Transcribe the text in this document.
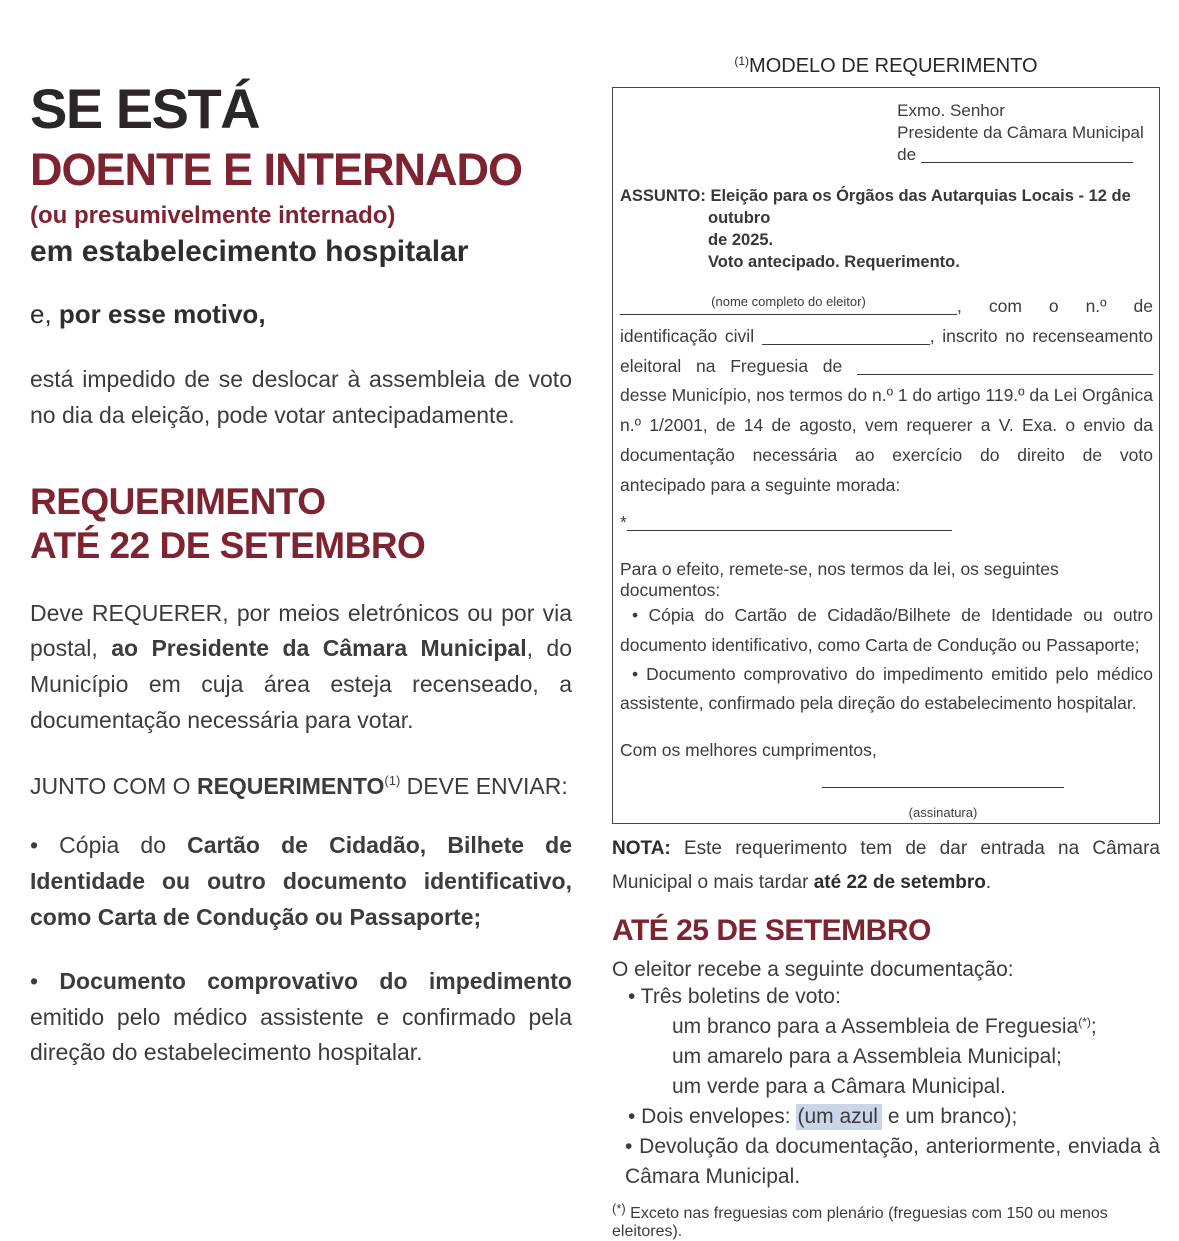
SE ESTÁ
DOENTE E INTERNADO
(ou presumivelmente internado)
em estabelecimento hospitalar

e, por esse motivo,

está impedido de se deslocar à assembleia de voto no dia da eleição, pode votar antecipadamente.

REQUERIMENTO
ATÉ 22 DE SETEMBRO

Deve REQUERER, por meios eletrónicos ou por via postal, ao Presidente da Câmara Municipal, do Município em cuja área esteja recenseado, a documentação necessária para votar.

JUNTO COM O REQUERIMENTO$^{(1)}$ DEVE ENVIAR:

• Cópia do Cartão de Cidadão, Bilhete de Identidade ou outro documento identificativo, como Carta de Condução ou Passaporte;

• Documento comprovativo do impedimento emitido pelo médico assistente e confirmado pela direção do estabelecimento hospitalar.

$^{(1)}$MODELO DE REQUERIMENTO
Exmo. Senhor
Presidente da Câmara Municipal
de
ASSUNTO: Eleição para os Órgãos das Autarquias Locais - 12 de outubro
de 2025.
Voto antecipado. Requerimento.

(nome completo do eleitor)	, com o n.º de identificação civil	, inscrito no recenseamento eleitoral na Freguesia de  desse Município, nos termos do n.º 1 do artigo 119.º da Lei Orgânica n.º 1/2001, de 14 de agosto, vem requerer a V. Exa. o envio da documentação necessária ao exercício do direito de voto antecipado para a seguinte morada:

*

Para o efeito, remete-se, nos termos da lei, os seguintes documentos:

• Cópia do Cartão de Cidadão/Bilhete de Identidade ou outro documento identificativo, como Carta de Condução ou Passaporte;

• Documento comprovativo do impedimento emitido pelo médico assistente, confirmado pela direção do estabelecimento hospitalar.

Com os melhores cumprimentos,

(assinatura)

NOTA: Este requerimento tem de dar entrada na Câmara Municipal o mais tardar até 22 de setembro.

ATÉ 25 DE SETEMBRO

O eleitor recebe a seguinte documentação:

• Três boletins de voto:
um branco para a Assembleia de Freguesia(*);
um amarelo para a Assembleia Municipal;
um verde para a Câmara Municipal.
• Dois envelopes: (um azul e um branco);
• Devolução da documentação, anteriormente, enviada à Câmara Municipal.

(*) Exceto nas freguesias com plenário (freguesias com 150 ou menos eleitores).
